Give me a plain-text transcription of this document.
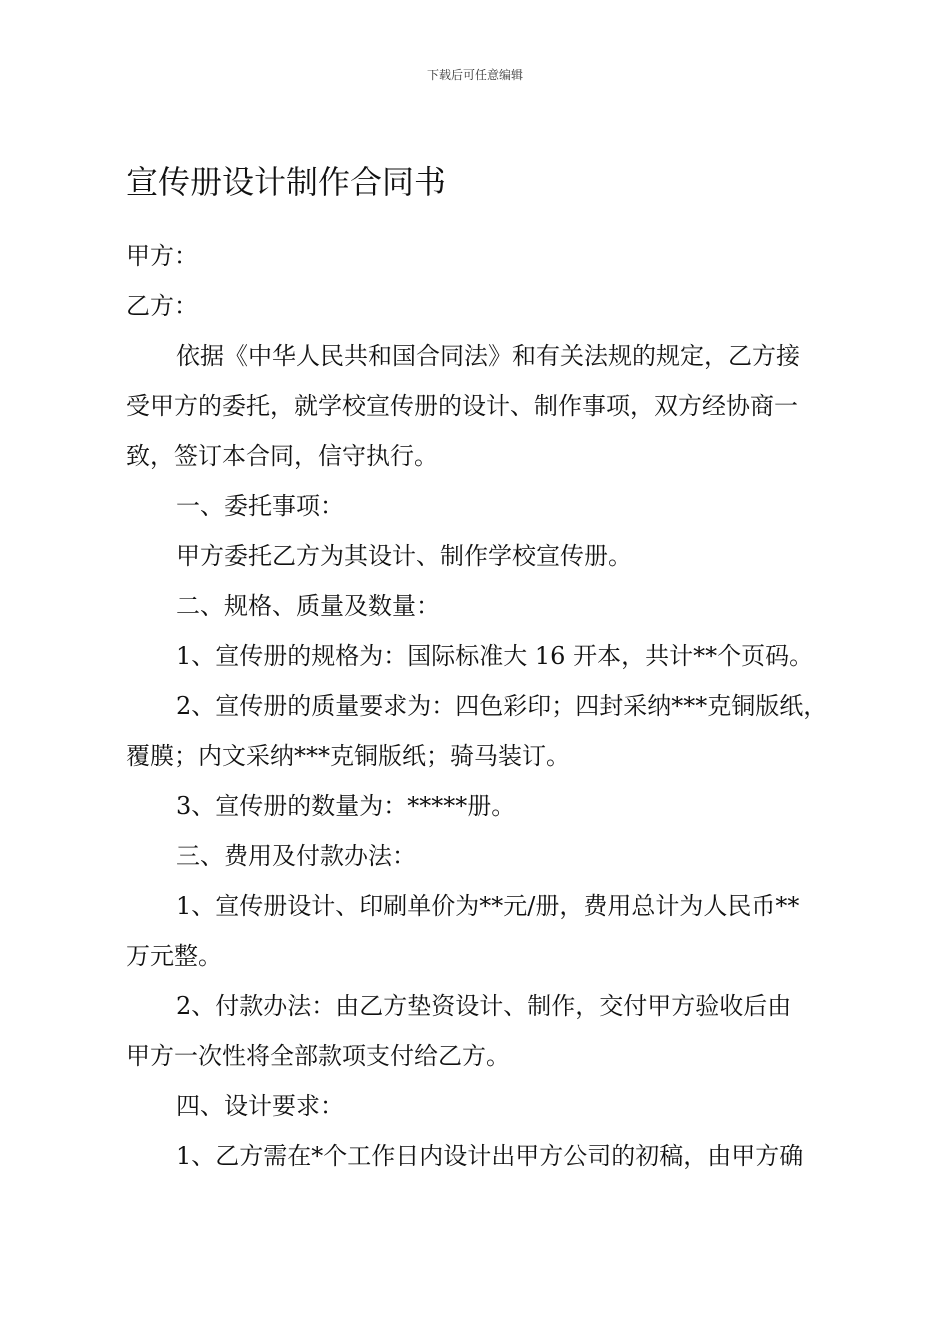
下载后可任意编辑
宣传册设计制作合同书
甲方：
乙方：
依据《中华人民共和国合同法》和有关法规的规定，乙方接
受甲方的委托，就学校宣传册的设计、制作事项，双方经协商一
致，签订本合同，信守执行。
一、委托事项：
甲方委托乙方为其设计、制作学校宣传册。
二、规格、质量及数量：
1、宣传册的规格为：国际标准大 16 开本，共计**个页码。
2、宣传册的质量要求为：四色彩印；四封采纳***克铜版纸，
覆膜；内文采纳***克铜版纸；骑马装订。
3、宣传册的数量为：*****册。
三、费用及付款办法：
1、宣传册设计、印刷单价为**元/册，费用总计为人民币**
万元整。
2、付款办法：由乙方垫资设计、制作，交付甲方验收后由
甲方一次性将全部款项支付给乙方。
四、设计要求：
1、乙方需在*个工作日内设计出甲方公司的初稿，由甲方确
